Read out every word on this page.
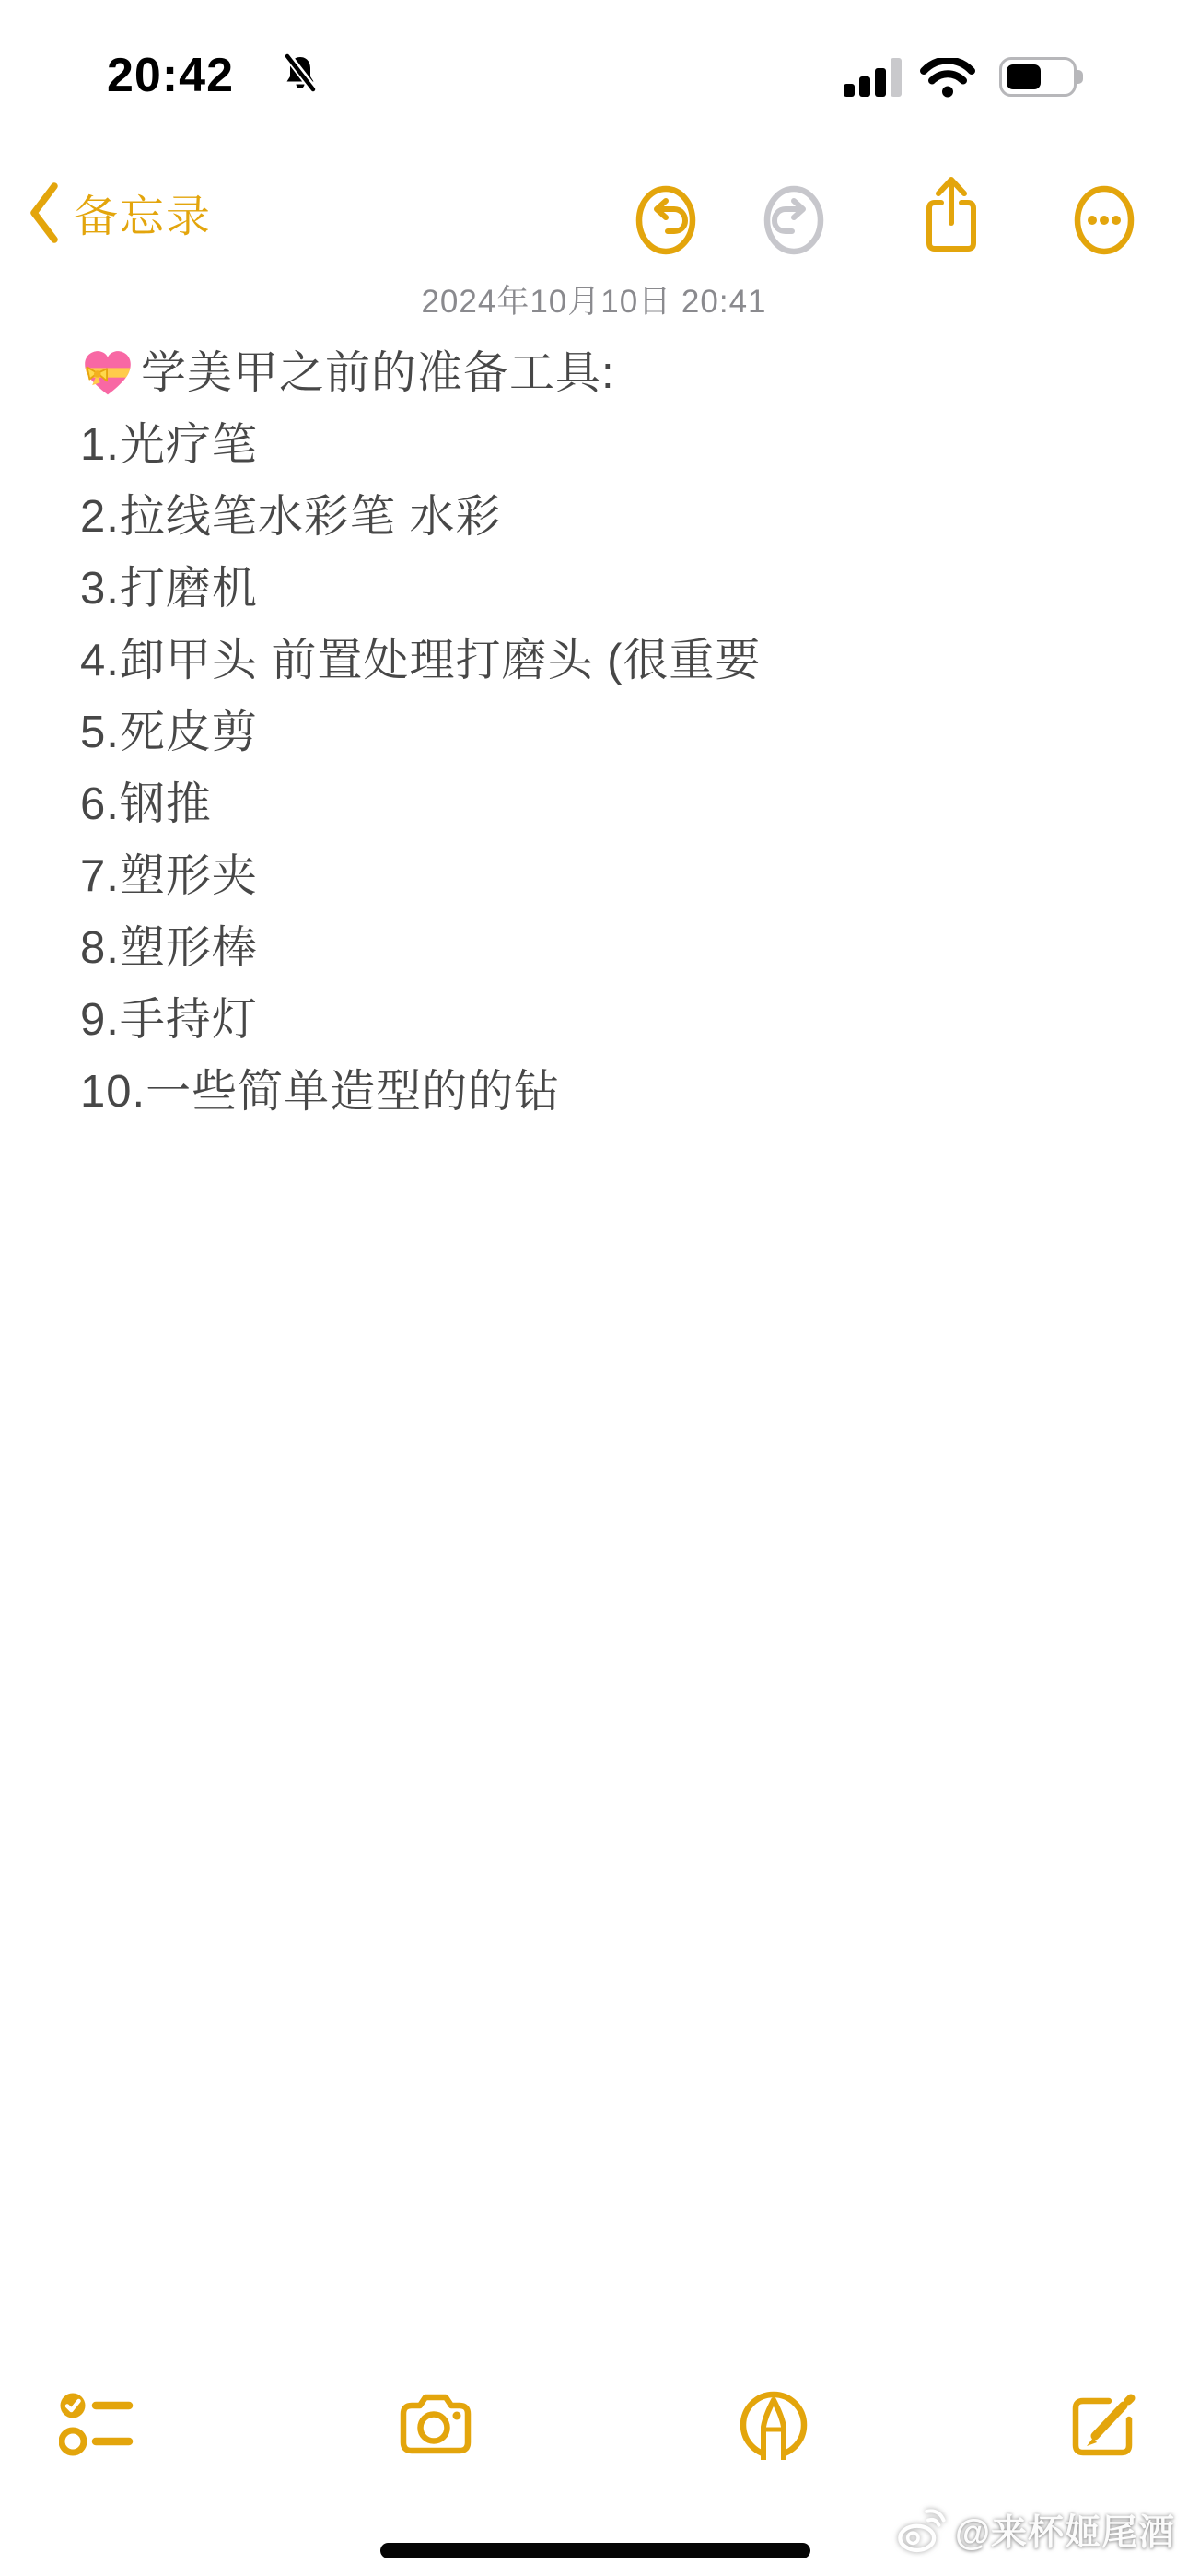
20:42
备忘录
2024年10月10日 20:41
学美甲之前的准备工具:
1.光疗笔
2.拉线笔水彩笔 水彩
3.打磨机
4.卸甲头 前置处理打磨头 (很重要
5.死皮剪
6.钢推
7.塑形夹
8.塑形棒
9.手持灯
10.一些简单造型的的钻
@来杯姬尾酒
